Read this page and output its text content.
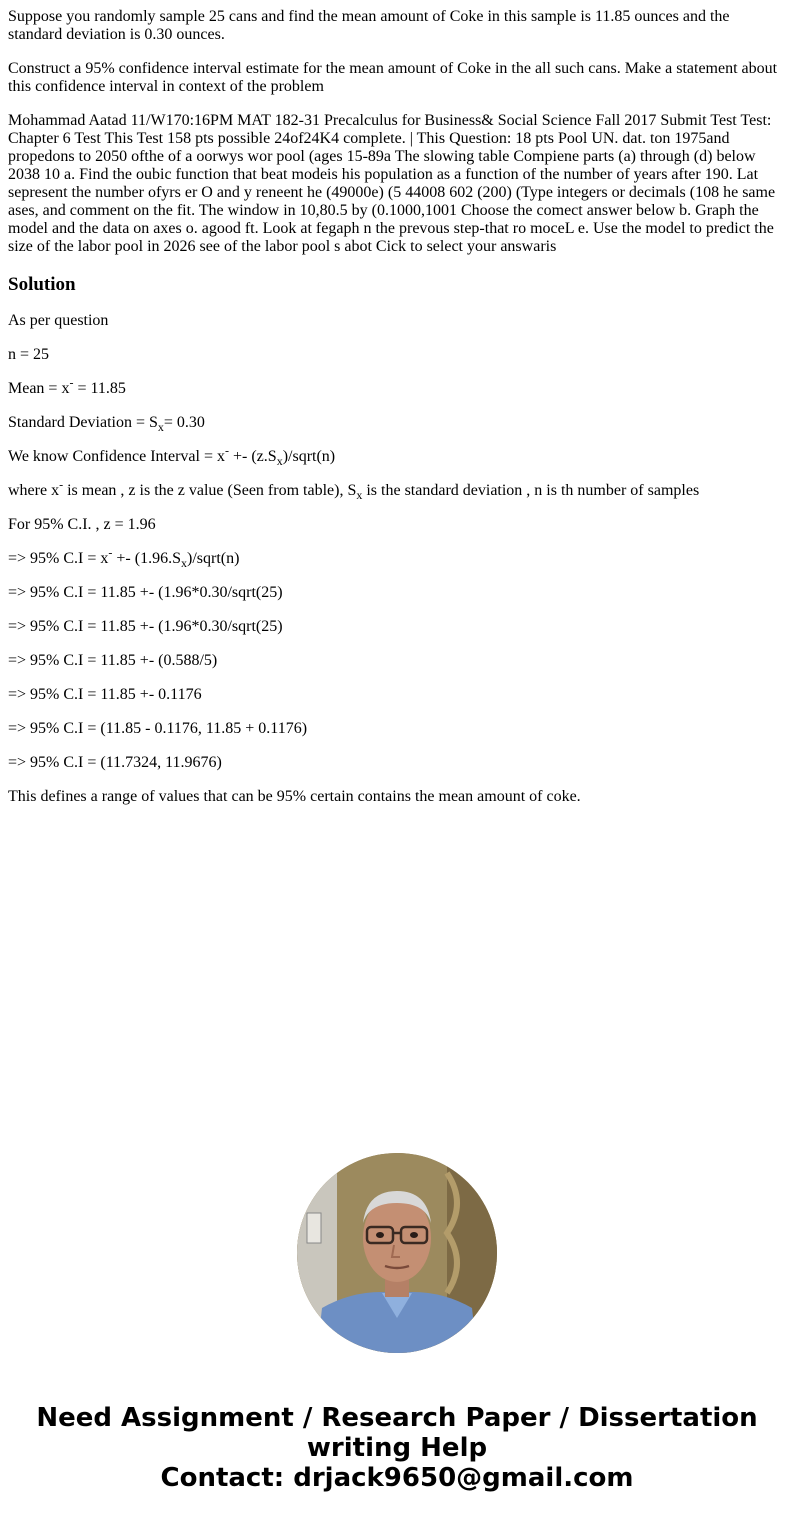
Suppose you randomly sample 25 cans and find the mean amount of Coke in this sample is 11.85 ounces and the standard deviation is 0.30 ounces.

Construct a 95% confidence interval estimate for the mean amount of Coke in the all such cans. Make a statement about this confidence interval in context of the problem

Mohammad Aatad 11/W170:16PM MAT 182-31 Precalculus for Business& Social Science Fall 2017 Submit Test Test: Chapter 6 Test This Test 158 pts possible 24of24K4 complete. | This Question: 18 pts Pool UN. dat. ton 1975and propedons to 2050 ofthe of a oorwys wor pool (ages 15-89a The slowing table Compiene parts (a) through (d) below 2038 10 a. Find the oubic function that beat modeis his population as a function of the number of years after 190. Lat sepresent the number ofyrs er O and y reneent he (49000e) (5 44008 602 (200) (Type integers or decimals (108 he same ases, and comment on the fit. The window in 10,80.5 by (0.1000,1001 Choose the comect answer below b. Graph the model and the data on axes o. agood ft. Look at fegaph n the prevous step-that ro moceL e. Use the model to predict the size of the labor pool in 2026 see of the labor pool s abot Cick to select your answaris

Solution

As per question

n = 25

Mean = x- = 11.85

Standard Deviation = $S_x= 0.30$

We know Confidence Interval = $x^- +- (z.S_x)/sqrt(n)$

where x- is mean , z is the z value (Seen from table), $S_x$ is the standard deviation , n is th number of samples

For 95% C.I. , z = 1.96

=> 95% $C.I = x^- +- (1.96.S_x)/sqrt(n)$

=> 95% C.I = 11.85 +- (1.96*0.30/sqrt(25)

=> 95% C.I = 11.85 +- (1.96*0.30/sqrt(25)

=> 95% C.I = 11.85 +- (0.588/5)

=> 95% C.I = 11.85 +- 0.1176

=> 95% C.I = (11.85 - 0.1176, 11.85 + 0.1176)

=> 95% C.I = (11.7324, 11.9676)

This defines a range of values that can be 95% certain contains the mean amount of coke.

Need Assignment / Research Paper / Dissertation
writing Help
Contact: drjack9650@gmail.com
